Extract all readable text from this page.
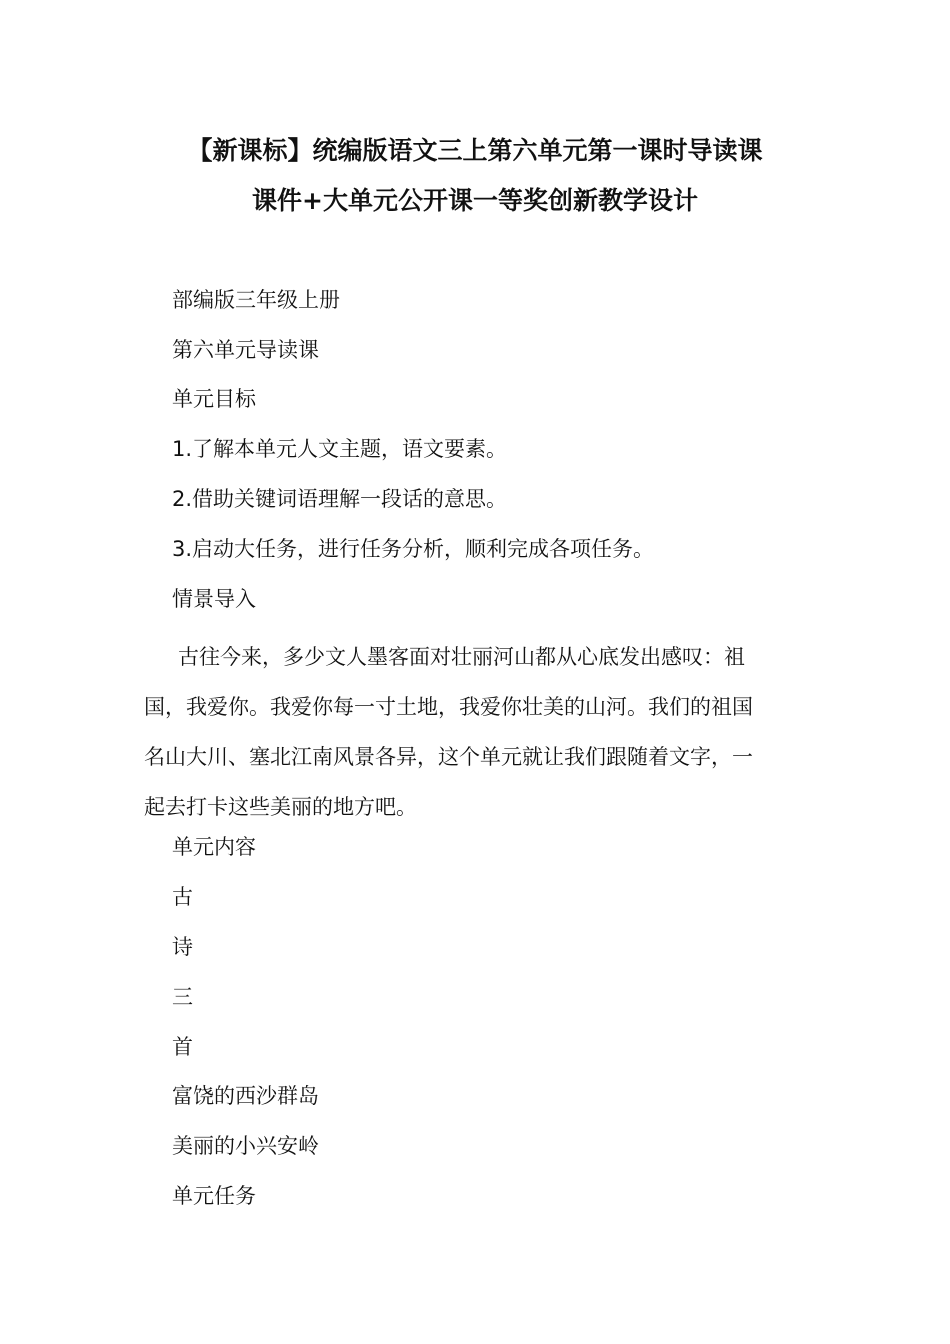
【新课标】统编版语文三上第六单元第一课时导读课
课件+大单元公开课一等奖创新教学设计
部编版三年级上册
第六单元导读课
单元目标
1.了解本单元人文主题，语文要素。
2.借助关键词语理解一段话的意思。
3.启动大任务，进行任务分析，顺利完成各项任务。
情景导入
古往今来，多少文人墨客面对壮丽河山都从心底发出感叹：祖
国，我爱你。我爱你每一寸土地，我爱你壮美的山河。我们的祖国
名山大川、塞北江南风景各异，这个单元就让我们跟随着文字，一
起去打卡这些美丽的地方吧。
单元内容
古
诗
三
首
富饶的西沙群岛
美丽的小兴安岭
单元任务
